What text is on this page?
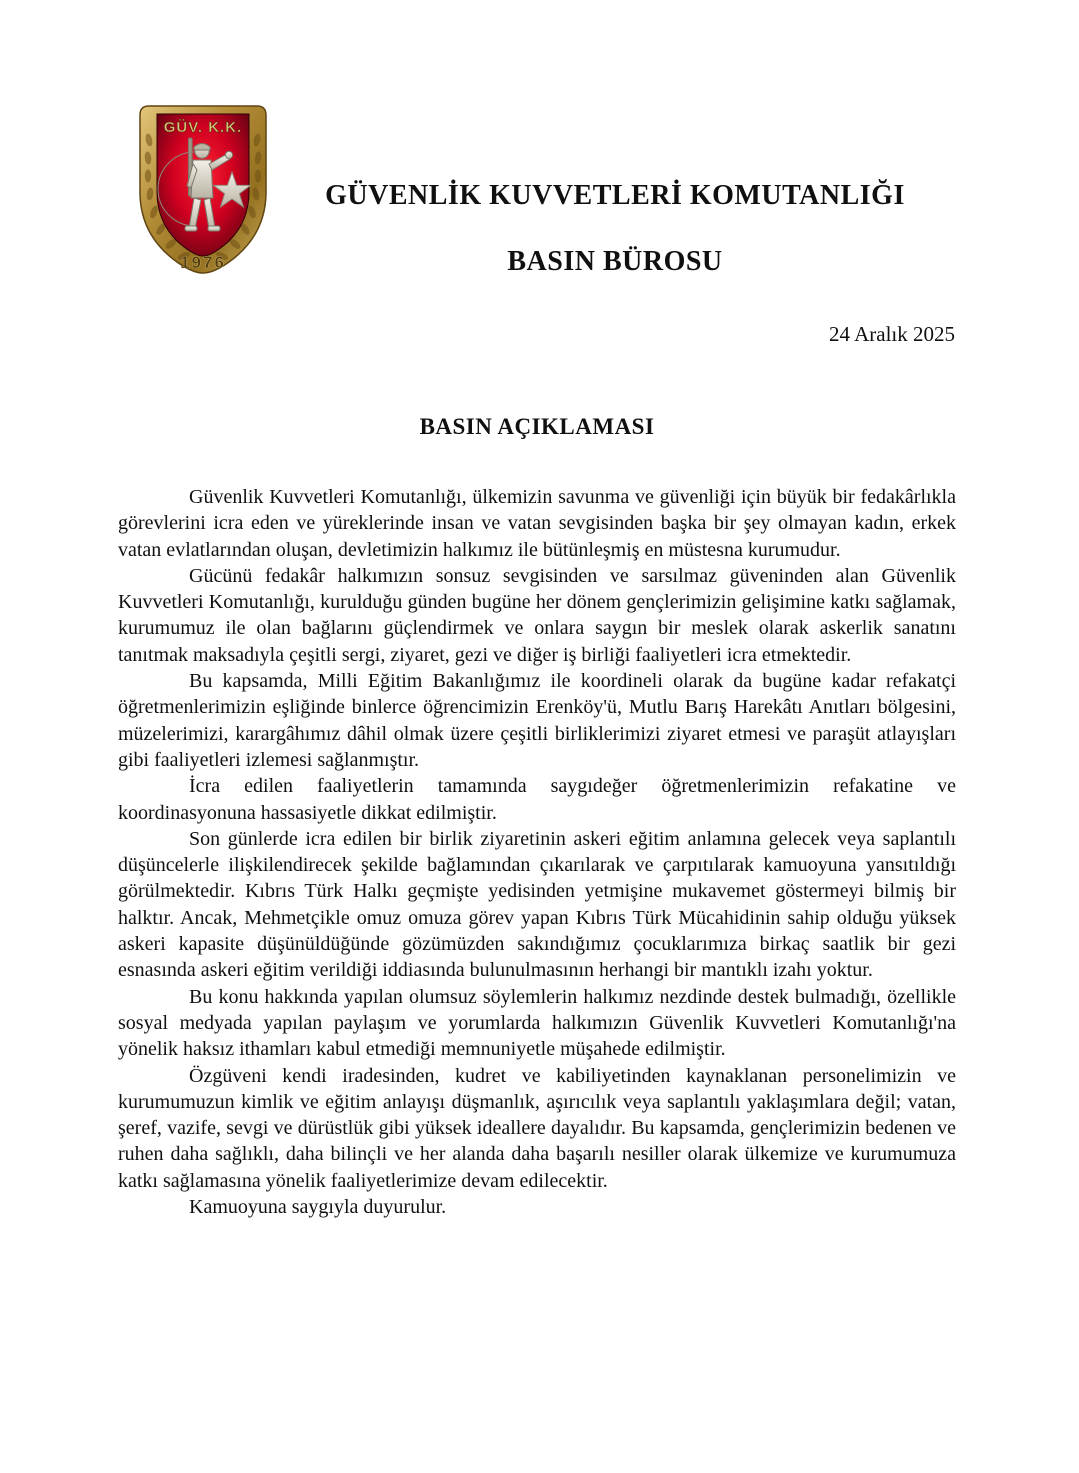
GÜV. K.K.
1976

GÜVENLİK KUVVETLERİ KOMUTANLIĞI

BASIN BÜROSU

24 Aralık 2025
BASIN AÇIKLAMASI

Güvenlik Kuvvetleri Komutanlığı, ülkemizin savunma ve güvenliği için büyük bir fedakârlıkla görevlerini icra eden ve yüreklerinde insan ve vatan sevgisinden başka bir şey olmayan kadın, erkek vatan evlatlarından oluşan, devletimizin halkımız ile bütünleşmiş en müstesna kurumudur.

Gücünü fedakâr halkımızın sonsuz sevgisinden ve sarsılmaz güveninden alan Güvenlik Kuvvetleri Komutanlığı, kurulduğu günden bugüne her dönem gençlerimizin gelişimine katkı sağlamak, kurumumuz ile olan bağlarını güçlendirmek ve onlara saygın bir meslek olarak askerlik sanatını tanıtmak maksadıyla çeşitli sergi, ziyaret, gezi ve diğer iş birliği faaliyetleri icra etmektedir.

Bu kapsamda, Milli Eğitim Bakanlığımız ile koordineli olarak da bugüne kadar refakatçi öğretmenlerimizin eşliğinde binlerce öğrencimizin Erenköy'ü, Mutlu Barış Harekâtı Anıtları bölgesini, müzelerimizi, karargâhımız dâhil olmak üzere çeşitli birliklerimizi ziyaret etmesi ve paraşüt atlayışları gibi faaliyetleri izlemesi sağlanmıştır.

İcra edilen faaliyetlerin tamamında saygıdeğer öğretmenlerimizin refakatine ve koordinasyonuna hassasiyetle dikkat edilmiştir.

Son günlerde icra edilen bir birlik ziyaretinin askeri eğitim anlamına gelecek veya saplantılı düşüncelerle ilişkilendirecek şekilde bağlamından çıkarılarak ve çarpıtılarak kamuoyuna yansıtıldığı görülmektedir. Kıbrıs Türk Halkı geçmişte yedisinden yetmişine mukavemet göstermeyi bilmiş bir halktır. Ancak, Mehmetçikle omuz omuza görev yapan Kıbrıs Türk Mücahidinin sahip olduğu yüksek askeri kapasite düşünüldüğünde gözümüzden sakındığımız çocuklarımıza birkaç saatlik bir gezi esnasında askeri eğitim verildiği iddiasında bulunulmasının herhangi bir mantıklı izahı yoktur.

Bu konu hakkında yapılan olumsuz söylemlerin halkımız nezdinde destek bulmadığı, özellikle sosyal medyada yapılan paylaşım ve yorumlarda halkımızın Güvenlik Kuvvetleri Komutanlığı'na yönelik haksız ithamları kabul etmediği memnuniyetle müşahede edilmiştir.

Özgüveni kendi iradesinden, kudret ve kabiliyetinden kaynaklanan personelimizin ve kurumumuzun kimlik ve eğitim anlayışı düşmanlık, aşırıcılık veya saplantılı yaklaşımlara değil; vatan, şeref, vazife, sevgi ve dürüstlük gibi yüksek ideallere dayalıdır. Bu kapsamda, gençlerimizin bedenen ve ruhen daha sağlıklı, daha bilinçli ve her alanda daha başarılı nesiller olarak ülkemize ve kurumumuza katkı sağlamasına yönelik faaliyetlerimize devam edilecektir.

Kamuoyuna saygıyla duyurulur.
